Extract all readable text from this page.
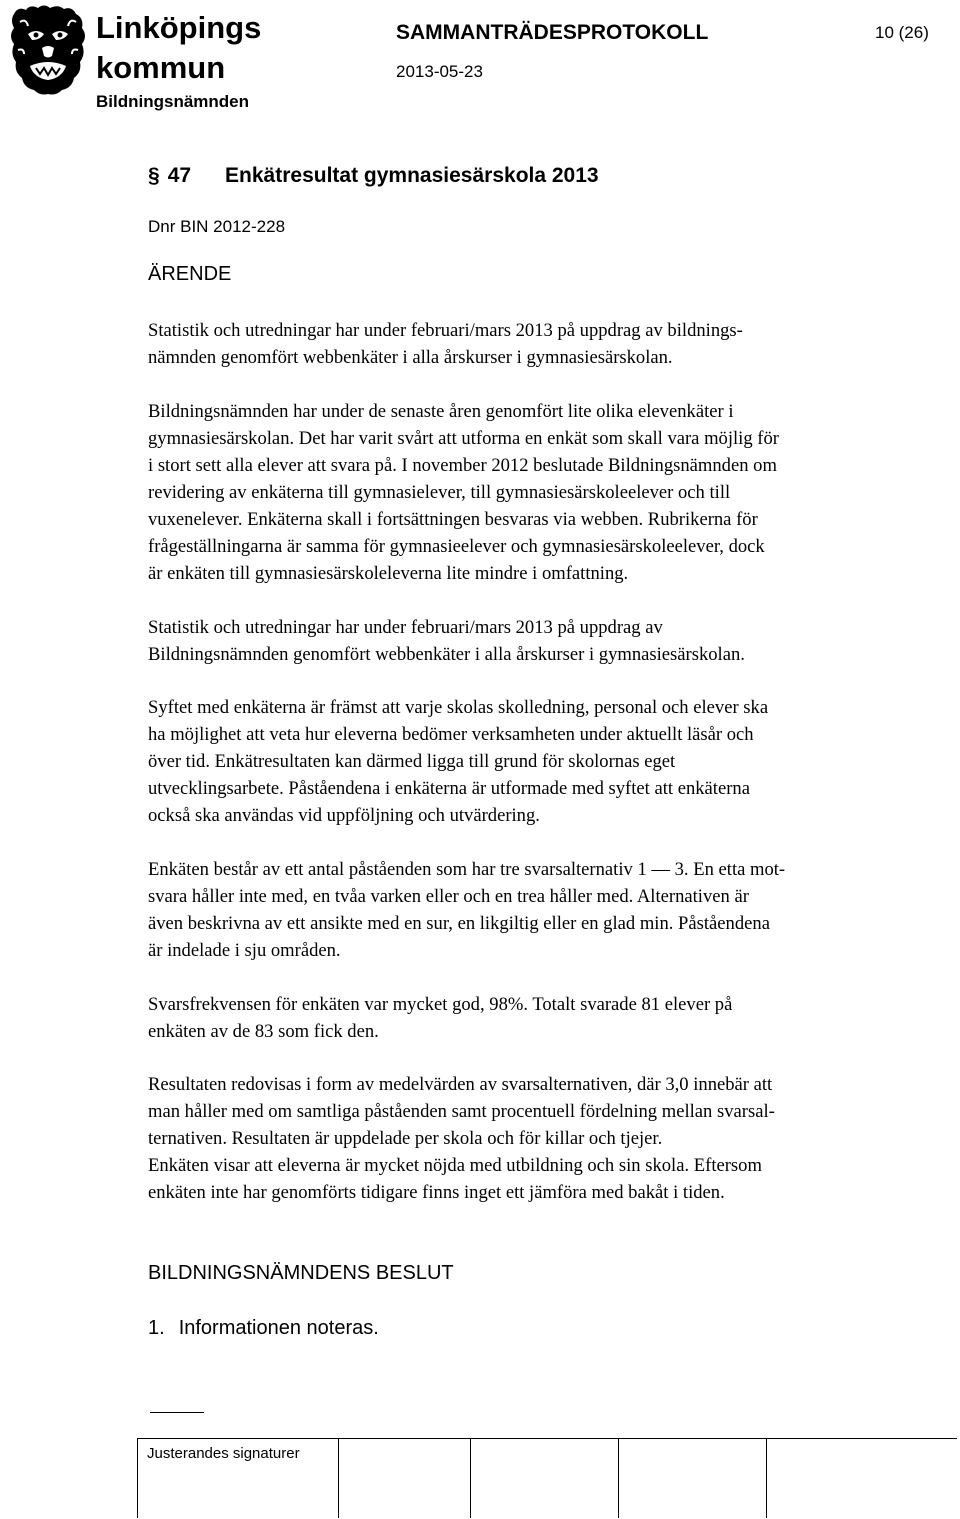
Linköpings
kommun
Bildningsnämnden
SAMMANTRÄDESPROTOKOLL
2013-05-23
10 (26)
§ 47 Enkätresultat gymnasiesärskola 2013
Dnr BIN 2012-228
ÄRENDE
Statistik och utredningar har under februari/mars 2013 på uppdrag av bildnings-
nämnden genomfört webbenkäter i alla årskurser i gymnasiesärskolan.
Bildningsnämnden har under de senaste åren genomfört lite olika elevenkäter i
gymnasiesärskolan. Det har varit svårt att utforma en enkät som skall vara möjlig för
i stort sett alla elever att svara på. I november 2012 beslutade Bildningsnämnden om
revidering av enkäterna till gymnasielever, till gymnasiesärskoleelever och till
vuxenelever. Enkäterna skall i fortsättningen besvaras via webben. Rubrikerna för
frågeställningarna är samma för gymnasieelever och gymnasiesärskoleelever, dock
är enkäten till gymnasiesärskoleleverna lite mindre i omfattning.
Statistik och utredningar har under februari/mars 2013 på uppdrag av
Bildningsnämnden genomfört webbenkäter i alla årskurser i gymnasiesärskolan.
Syftet med enkäterna är främst att varje skolas skolledning, personal och elever ska
ha möjlighet att veta hur eleverna bedömer verksamheten under aktuellt läsår och
över tid. Enkätresultaten kan därmed ligga till grund för skolornas eget
utvecklingsarbete. Påståendena i enkäterna är utformade med syftet att enkäterna
också ska användas vid uppföljning och utvärdering.
Enkäten består av ett antal påståenden som har tre svarsalternativ 1 — 3. En etta mot-
svara håller inte med, en tvåa varken eller och en trea håller med. Alternativen är
även beskrivna av ett ansikte med en sur, en likgiltig eller en glad min. Påståendena
är indelade i sju områden.
Svarsfrekvensen för enkäten var mycket god, 98%. Totalt svarade 81 elever på
enkäten av de 83 som fick den.
Resultaten redovisas i form av medelvärden av svarsalternativen, där 3,0 innebär att
man håller med om samtliga påståenden samt procentuell fördelning mellan svarsal-
ternativen. Resultaten är uppdelade per skola och för killar och tjejer.
Enkäten visar att eleverna är mycket nöjda med utbildning och sin skola. Eftersom
enkäten inte har genomförts tidigare finns inget ett jämföra med bakåt i tiden.
BILDNINGSNÄMNDENS BESLUT
1. Informationen noteras.
Justerandes signaturer
